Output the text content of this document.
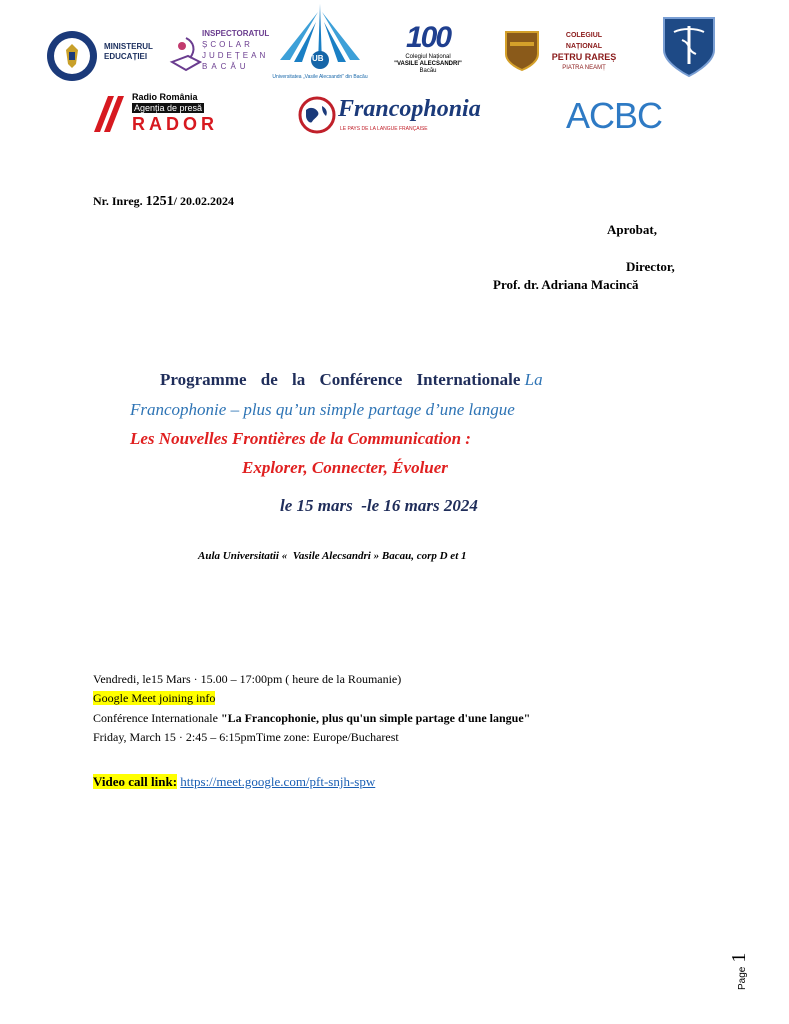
MINISTERUL
EDUCAȚIEI
INSPECTORATUL
ȘCOLAR
JUDEȚEAN
BACĂU
UB
Universitatea „Vasile Alecsandri” din Bacău
100
Colegiul Național
"VASILE ALECSANDRI"
Bacău
COLEGIUL NAȚIONAL
PETRU RAREȘ
PIATRA NEAMȚ
Radio România
Agenția de presă
RADOR
Francophonia
LE PAYS DE LA LANGUE FRANÇAISE	ACBC
Nr. Inreg. 1251/ 20.02.2024
Aprobat,
Director,
Prof. dr. Adriana Macincă
Programme de la Conférence Internationale La
Francophonie – plus qu’un simple partage d’une langue
Les Nouvelles Frontières de la Communication :
Explorer, Connecter, Évoluer
le 15 mars  -le 16 mars 2024
Aula Universitatii «  Vasile Alecsandri » Bacau, corp D et 1
Vendredi, le15 Mars · 15.00 – 17:00pm ( heure de la Roumanie)
Google Meet joining info
Conférence Internationale "La Francophonie, plus qu'un simple partage d'une langue"
Friday, March 15 · 2:45 – 6:15pmTime zone: Europe/Bucharest
Video call link: https://meet.google.com/pft-snjh-spw
Page 1
